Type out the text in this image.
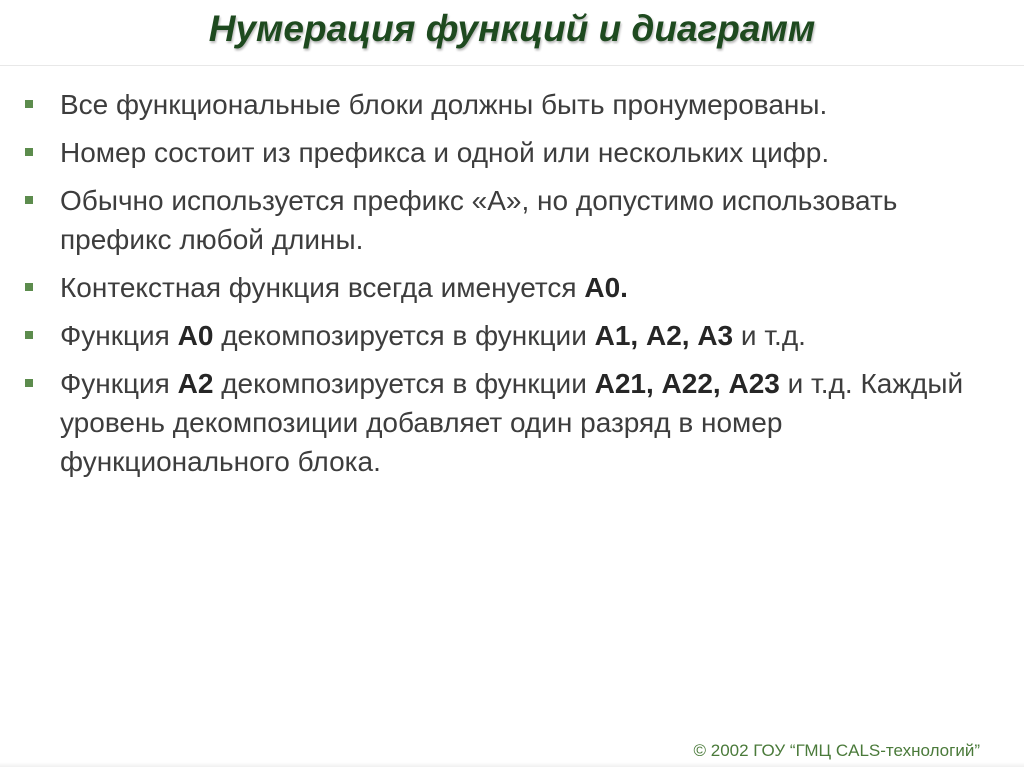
Нумерация функций и диаграмм
Все функциональные блоки должны быть пронумерованы.
Номер состоит из префикса и одной или нескольких цифр.
Обычно используется префикс «А», но допустимо использовать префикс любой длины.
Контекстная функция всегда именуется А0.
Функция А0 декомпозируется в функции А1, А2, А3 и т.д.
Функция А2 декомпозируется в функции А21, А22, А23 и т.д. Каждый уровень декомпозиции добавляет один разряд в номер функционального блока.
© 2002 ГОУ “ГМЦ CALS-технологий”
